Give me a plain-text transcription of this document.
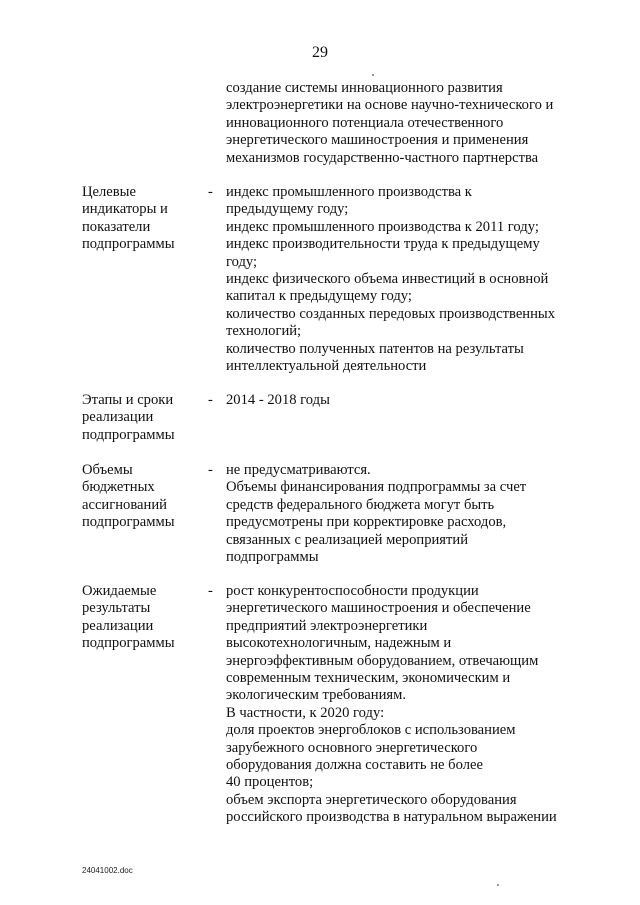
29
создание системы инновационного развития
электроэнергетики на основе научно-технического и
инновационного потенциала отечественного
энергетического машиностроения и применения
механизмов государственно-частного партнерства
Целевые
индикаторы и
показатели
подпрограммы
- индекс промышленного производства к
предыдущему году;
индекс промышленного производства к 2011 году;
индекс производительности труда к предыдущему
году;
индекс физического объема инвестиций в основной
капитал к предыдущему году;
количество созданных передовых производственных
технологий;
количество полученных патентов на результаты
интеллектуальной деятельности
Этапы и сроки
реализации
подпрограммы
- 2014 - 2018 годы
Объемы
бюджетных
ассигнований
подпрограммы
- не предусматриваются.
Объемы финансирования подпрограммы за счет
средств федерального бюджета могут быть
предусмотрены при корректировке расходов,
связанных с реализацией мероприятий
подпрограммы
Ожидаемые
результаты
реализации
подпрограммы
- рост конкурентоспособности продукции
энергетического машиностроения и обеспечение
предприятий электроэнергетики
высокотехнологичным, надежным и
энергоэффективным оборудованием, отвечающим
современным техническим, экономическим и
экологическим требованиям.
В частности, к 2020 году:
доля проектов энергоблоков с использованием
зарубежного основного энергетического
оборудования должна составить не более
40 процентов;
объем экспорта энергетического оборудования
российского производства в натуральном выражении
24041002.doc
